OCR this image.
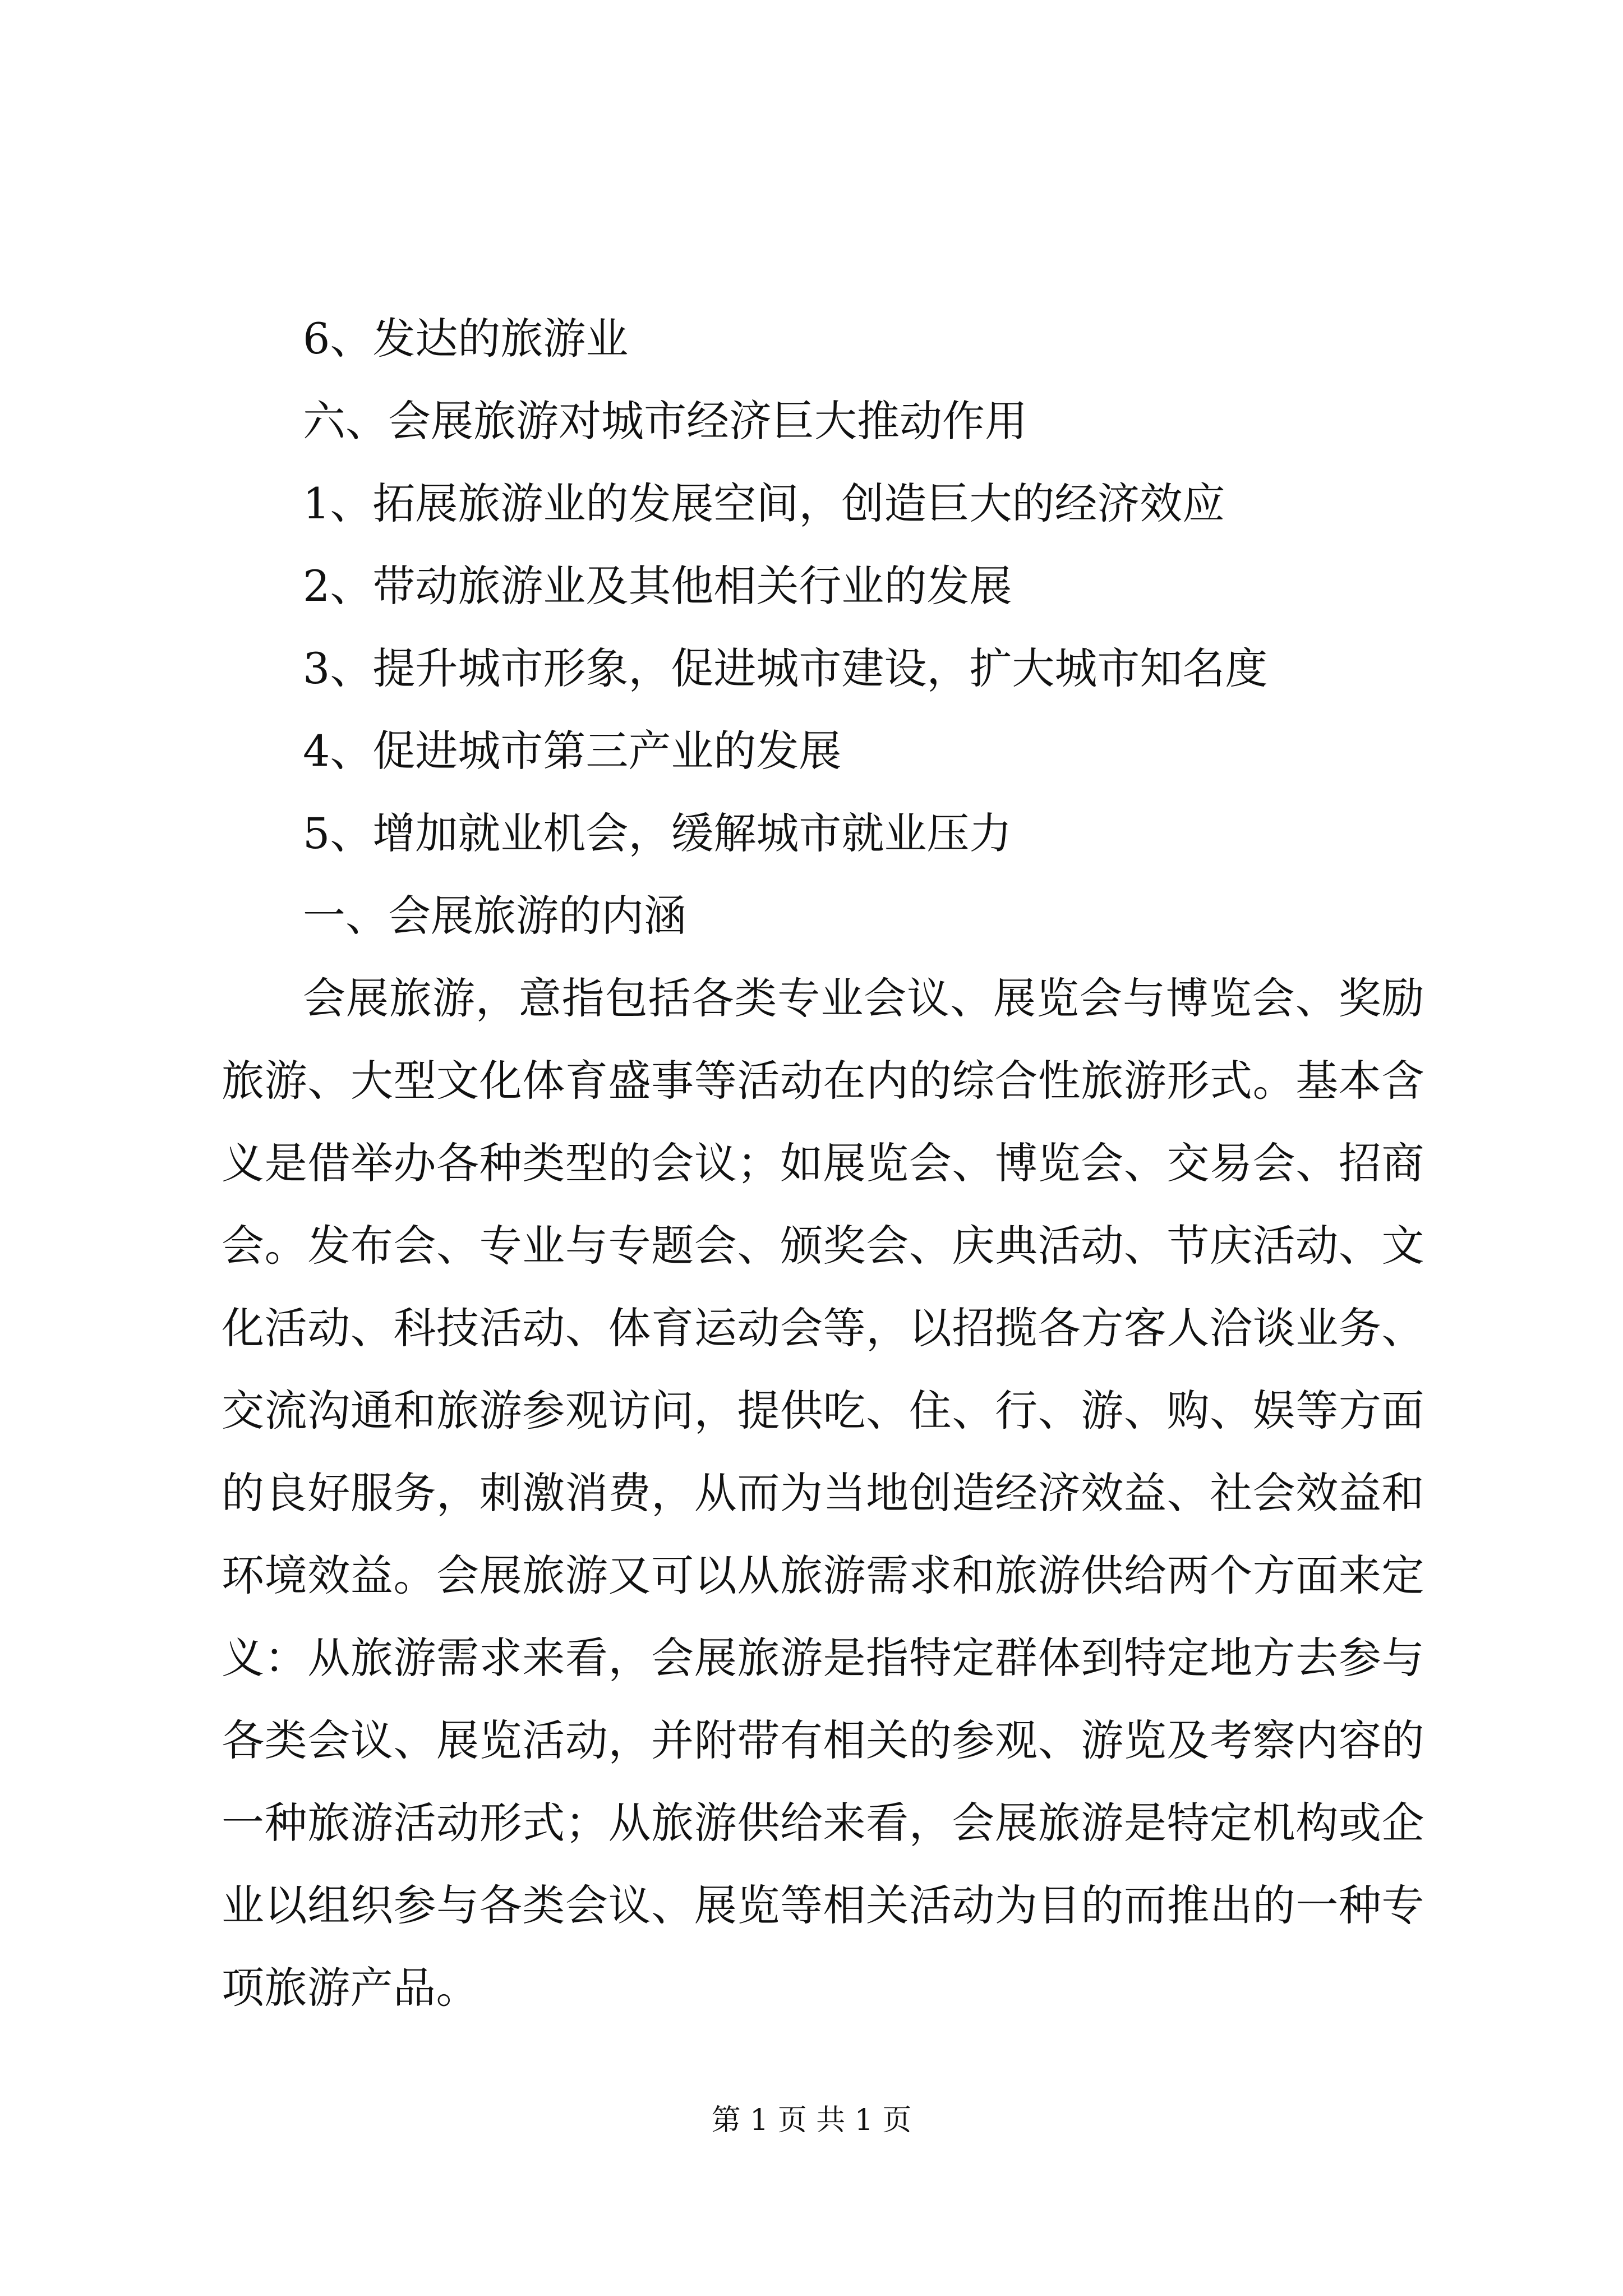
6、发达的旅游业

六、会展旅游对城市经济巨大推动作用

1、拓展旅游业的发展空间，创造巨大的经济效应

2、带动旅游业及其他相关行业的发展

3、提升城市形象，促进城市建设，扩大城市知名度

4、促进城市第三产业的发展

5、增加就业机会，缓解城市就业压力

一、会展旅游的内涵

会展旅游，意指包括各类专业会议、展览会与博览会、奖励旅游、大型文化体育盛事等活动在内的综合性旅游形式。基本含义是借举办各种类型的会议；如展览会、博览会、交易会、招商会。发布会、专业与专题会、颁奖会、庆典活动、节庆活动、文化活动、科技活动、体育运动会等，以招揽各方客人洽谈业务、交流沟通和旅游参观访问，提供吃、住、行、游、购、娱等方面的良好服务，刺激消费，从而为当地创造经济效益、社会效益和环境效益。会展旅游又可以从旅游需求和旅游供给两个方面来定义：从旅游需求来看，会展旅游是指特定群体到特定地方去参与各类会议、展览活动，并附带有相关的参观、游览及考察内容的一种旅游活动形式；从旅游供给来看，会展旅游是特定机构或企业以组织参与各类会议、展览等相关活动为目的而推出的一种专项旅游产品。

第 1 页 共 1 页
